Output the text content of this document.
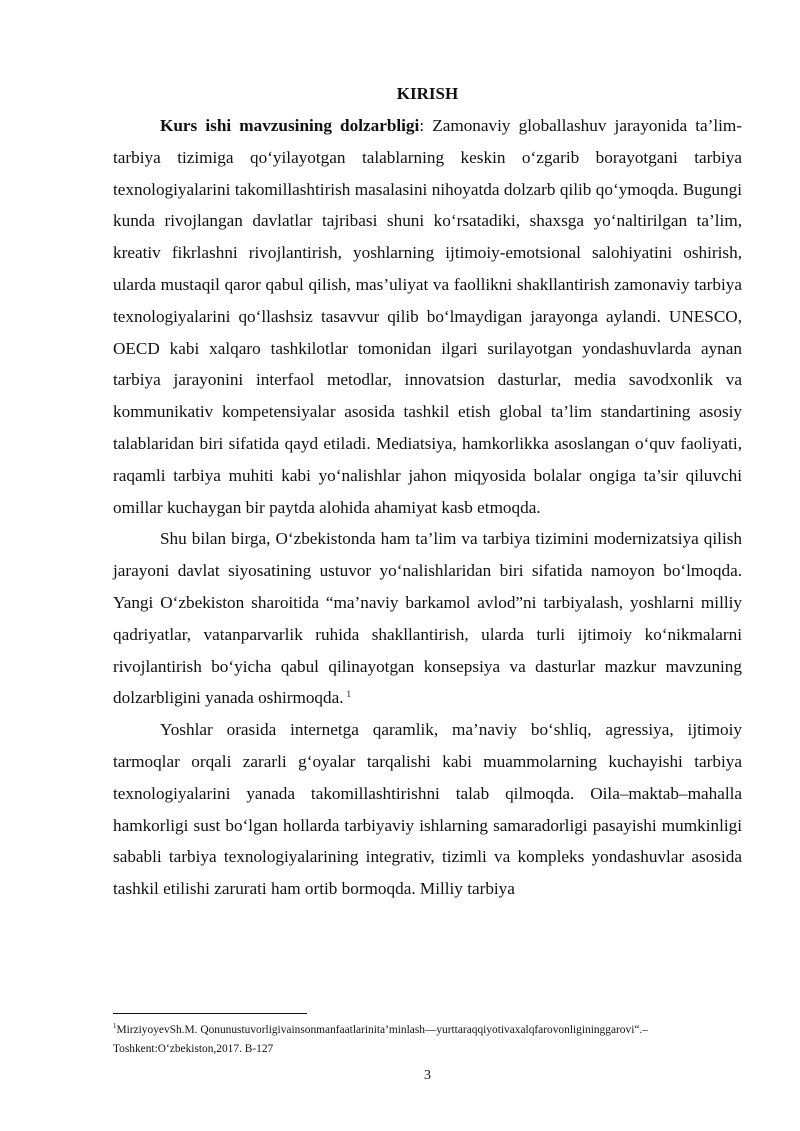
KIRISH

Kurs ishi mavzusining dolzarbligi: Zamonaviy globallashuv jarayonida ta’lim-tarbiya tizimiga qo‘yilayotgan talablarning keskin o‘zgarib borayotgani tarbiya texnologiyalarini takomillashtirish masalasini nihoyatda dolzarb qilib qo‘ymoqda. Bugungi kunda rivojlangan davlatlar tajribasi shuni ko‘rsatadiki, shaxsga yo‘naltirilgan ta’lim, kreativ fikrlashni rivojlantirish, yoshlarning ijtimoiy-emotsional salohiyatini oshirish, ularda mustaqil qaror qabul qilish, mas’uliyat va faollikni shakllantirish zamonaviy tarbiya texnologiyalarini qo‘llashsiz tasavvur qilib bo‘lmaydigan jarayonga aylandi. UNESCO, OECD kabi xalqaro tashkilotlar tomonidan ilgari surilayotgan yondashuvlarda aynan tarbiya jarayonini interfaol metodlar, innovatsion dasturlar, media savodxonlik va kommunikativ kompetensiyalar asosida tashkil etish global ta’lim standartining asosiy talablaridan biri sifatida qayd etiladi. Mediatsiya, hamkorlikka asoslangan o‘quv faoliyati, raqamli tarbiya muhiti kabi yo‘nalishlar jahon miqyosida bolalar ongiga ta’sir qiluvchi omillar kuchaygan bir paytda alohida ahamiyat kasb etmoqda.

Shu bilan birga, O‘zbekistonda ham ta’lim va tarbiya tizimini modernizatsiya qilish jarayoni davlat siyosatining ustuvor yo‘nalishlaridan biri sifatida namoyon bo‘lmoqda. Yangi O‘zbekiston sharoitida “ma’naviy barkamol avlod”ni tarbiyalash, yoshlarni milliy qadriyatlar, vatanparvarlik ruhida shakllantirish, ularda turli ijtimoiy ko‘nikmalarni rivojlantirish bo‘yicha qabul qilinayotgan konsepsiya va dasturlar mazkur mavzuning dolzarbligini yanada oshirmoqda. $^1$

Yoshlar orasida internetga qaramlik, ma’naviy bo‘shliq, agressiya, ijtimoiy tarmoqlar orqali zararli g‘oyalar tarqalishi kabi muammolarning kuchayishi tarbiya texnologiyalarini yanada takomillashtirishni talab qilmoqda. Oila–maktab–mahalla hamkorligi sust bo‘lgan hollarda tarbiyaviy ishlarning samaradorligi pasayishi mumkinligi sababli tarbiya texnologiyalarining integrativ, tizimli va kompleks yondashuvlar asosida tashkil etilishi zarurati ham ortib bormoqda. Milliy tarbiya

$^1$MirziyoyevSh.M. Qonunustuvorligivainsonmanfaatlarinita’minlash—yurttaraqqiyotivaxalqfarovonligininggarovi“.–Toshkent:O‘zbekiston,2017. B-127

3
